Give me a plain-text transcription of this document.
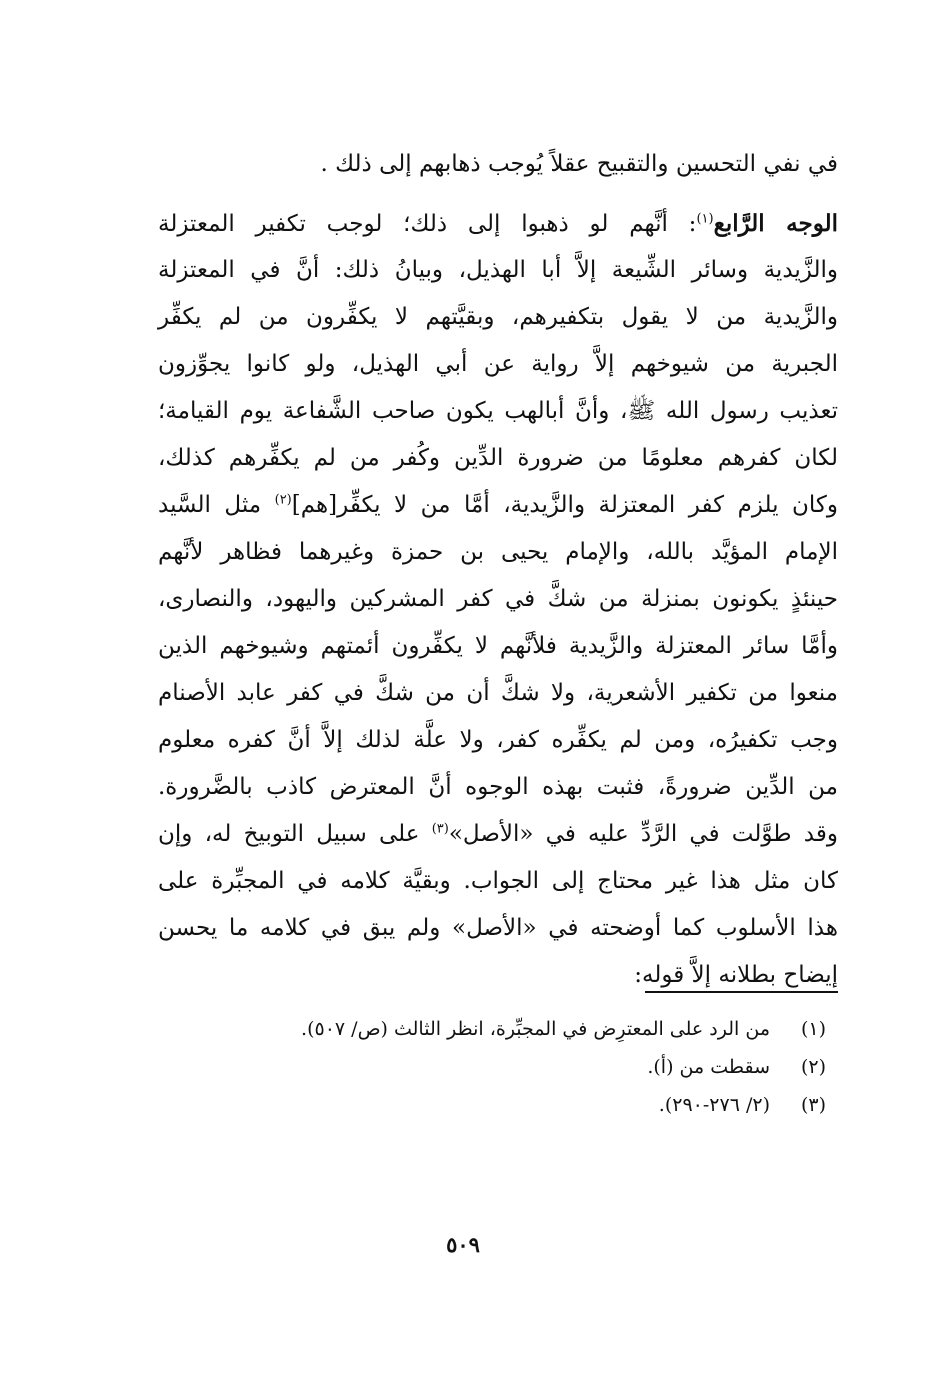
في نفي التحسين والتقبيح عقلاً يُوجب ذهابهم إلى ذلك .
الوجه الرَّابع$^{(١)}$: أنَّهم لو ذهبوا إلى ذلك؛ لوجب تكفير المعتزلة
والزَّيدية وسائر الشِّيعة إلاَّ أبا الهذيل، وبيانُ ذلك: أنَّ في المعتزلة
والزَّيدية من لا يقول بتكفيرهم، وبقيَّتهم لا يكفِّرون من لم يكفِّر
الجبرية من شيوخهم إلاَّ رواية عن أبي الهذيل، ولو كانوا يجوِّزون
تعذيب رسول الله ﷺ، وأنَّ أبالهب يكون صاحب الشَّفاعة يوم القيامة؛
لكان كفرهم معلومًا من ضرورة الدِّين وكُفر من لم يكفِّرهم كذلك،
وكان يلزم كفر المعتزلة والزَّيدية، أمَّا من لا يكفِّر[هم]$^{(٢)}$ مثل السَّيد
الإمام المؤيَّد بالله، والإمام يحيى بن حمزة وغيرهما فظاهر لأنَّهم
حينئذٍ يكونون بمنزلة من شكَّ في كفر المشركين واليهود، والنصارى،
وأمَّا سائر المعتزلة والزَّيدية فلأنَّهم لا يكفِّرون أئمتهم وشيوخهم الذين
منعوا من تكفير الأشعرية، ولا شكَّ أن من شكَّ في كفر عابد الأصنام
وجب تكفيرُه، ومن لم يكفِّره كفر، ولا علَّة لذلك إلاَّ أنَّ كفره معلوم
من الدِّين ضرورةً، فثبت بهذه الوجوه أنَّ المعترض كاذب بالضَّرورة.
وقد طوَّلت في الرَّدِّ عليه في «الأصل»$^{(٣)}$ على سبيل التوبيخ له، وإن
كان مثل هذا غير محتاج إلى الجواب. وبقيَّة كلامه في المجبِّرة على
هذا الأسلوب كما أوضحته في «الأصل» ولم يبق في كلامه ما يحسن
إيضاح بطلانه إلاَّ قوله:
(١)من الرد على المعترِض في المجبِّرة، انظر الثالث (ص/ ٥٠٧).
(٢)سقطت من (أ).
(٣)(٢/ ٢٧٦-٢٩٠).
٥٠٩
